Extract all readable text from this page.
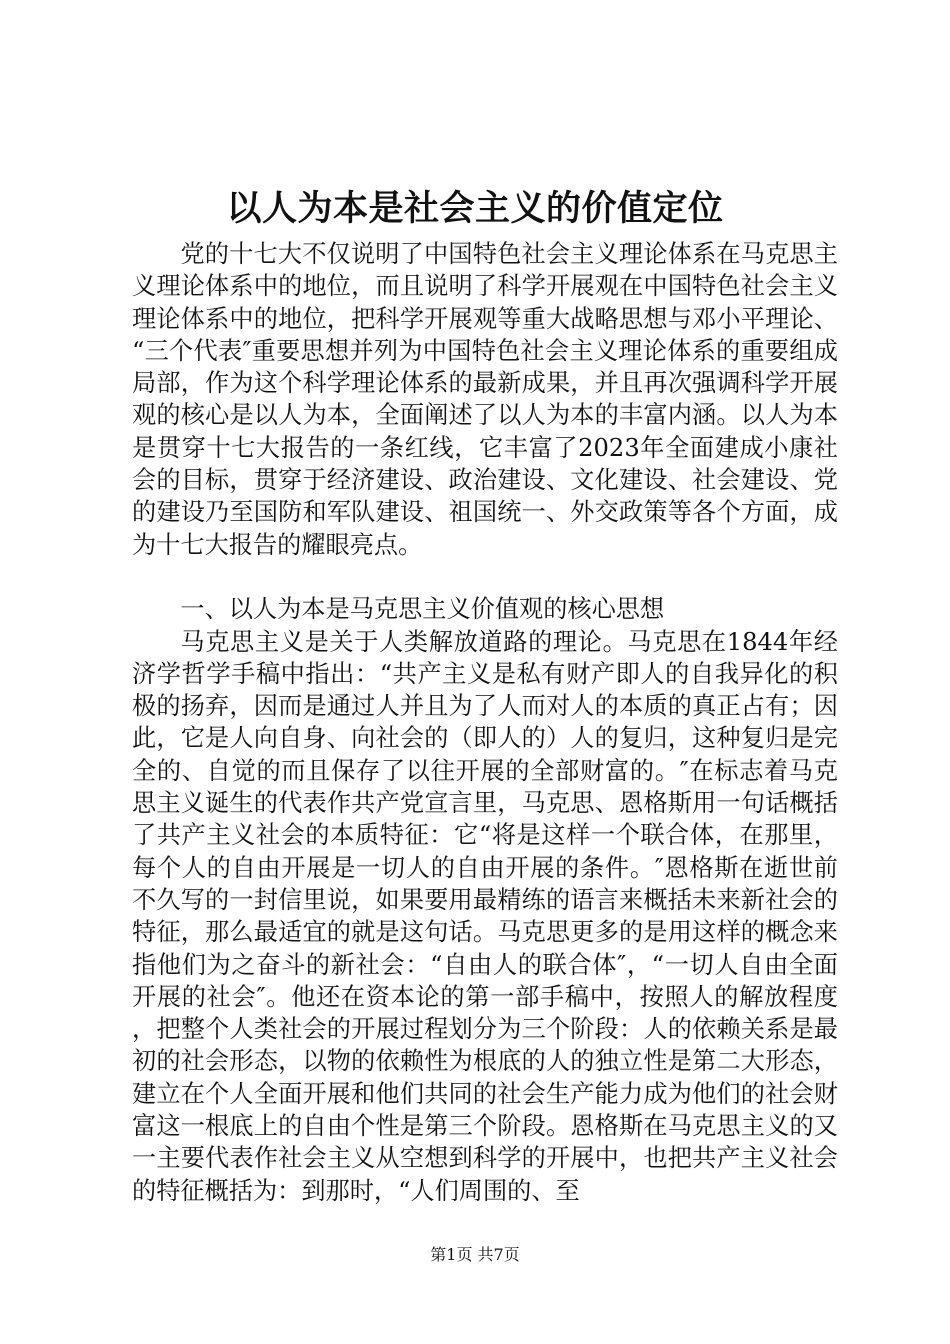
以人为本是社会主义的价值定位

党的十七大不仅说明了中国特色社会主义理论体系在马克思主义理论体系中的地位，而且说明了科学开展观在中国特色社会主义理论体系中的地位，把科学开展观等重大战略思想与邓小平理论、“三个代表″重要思想并列为中国特色社会主义理论体系的重要组成局部，作为这个科学理论体系的最新成果，并且再次强调科学开展观的核心是以人为本，全面阐述了以人为本的丰富内涵。以人为本是贯穿十七大报告的一条红线，它丰富了2023年全面建成小康社会的目标，贯穿于经济建设、政治建设、文化建设、社会建设、党的建设乃至国防和军队建设、祖国统一、外交政策等各个方面，成为十七大报告的耀眼亮点。

一、以人为本是马克思主义价值观的核心思想

马克思主义是关于人类解放道路的理论。马克思在1844年经济学哲学手稿中指出：“共产主义是私有财产即人的自我异化的积极的扬弃，因而是通过人并且为了人而对人的本质的真正占有；因此，它是人向自身、向社会的（即人的）人的复归，这种复归是完全的、自觉的而且保存了以往开展的全部财富的。″在标志着马克思主义诞生的代表作共产党宣言里，马克思、恩格斯用一句话概括了共产主义社会的本质特征：它“将是这样一个联合体，在那里，每个人的自由开展是一切人的自由开展的条件。″恩格斯在逝世前不久写的一封信里说，如果要用最精练的语言来概括未来新社会的特征，那么最适宜的就是这句话。马克思更多的是用这样的概念来指他们为之奋斗的新社会：“自由人的联合体″，“一切人自由全面开展的社会″。他还在资本论的第一部手稿中，按照人的解放程度，把整个人类社会的开展过程划分为三个阶段：人的依赖关系是最初的社会形态，以物的依赖性为根底的人的独立性是第二大形态，建立在个人全面开展和他们共同的社会生产能力成为他们的社会财富这一根底上的自由个性是第三个阶段。恩格斯在马克思主义的又一主要代表作社会主义从空想到科学的开展中，也把共产主义社会的特征概括为：到那时，“人们周围的、至

第1页 共7页
